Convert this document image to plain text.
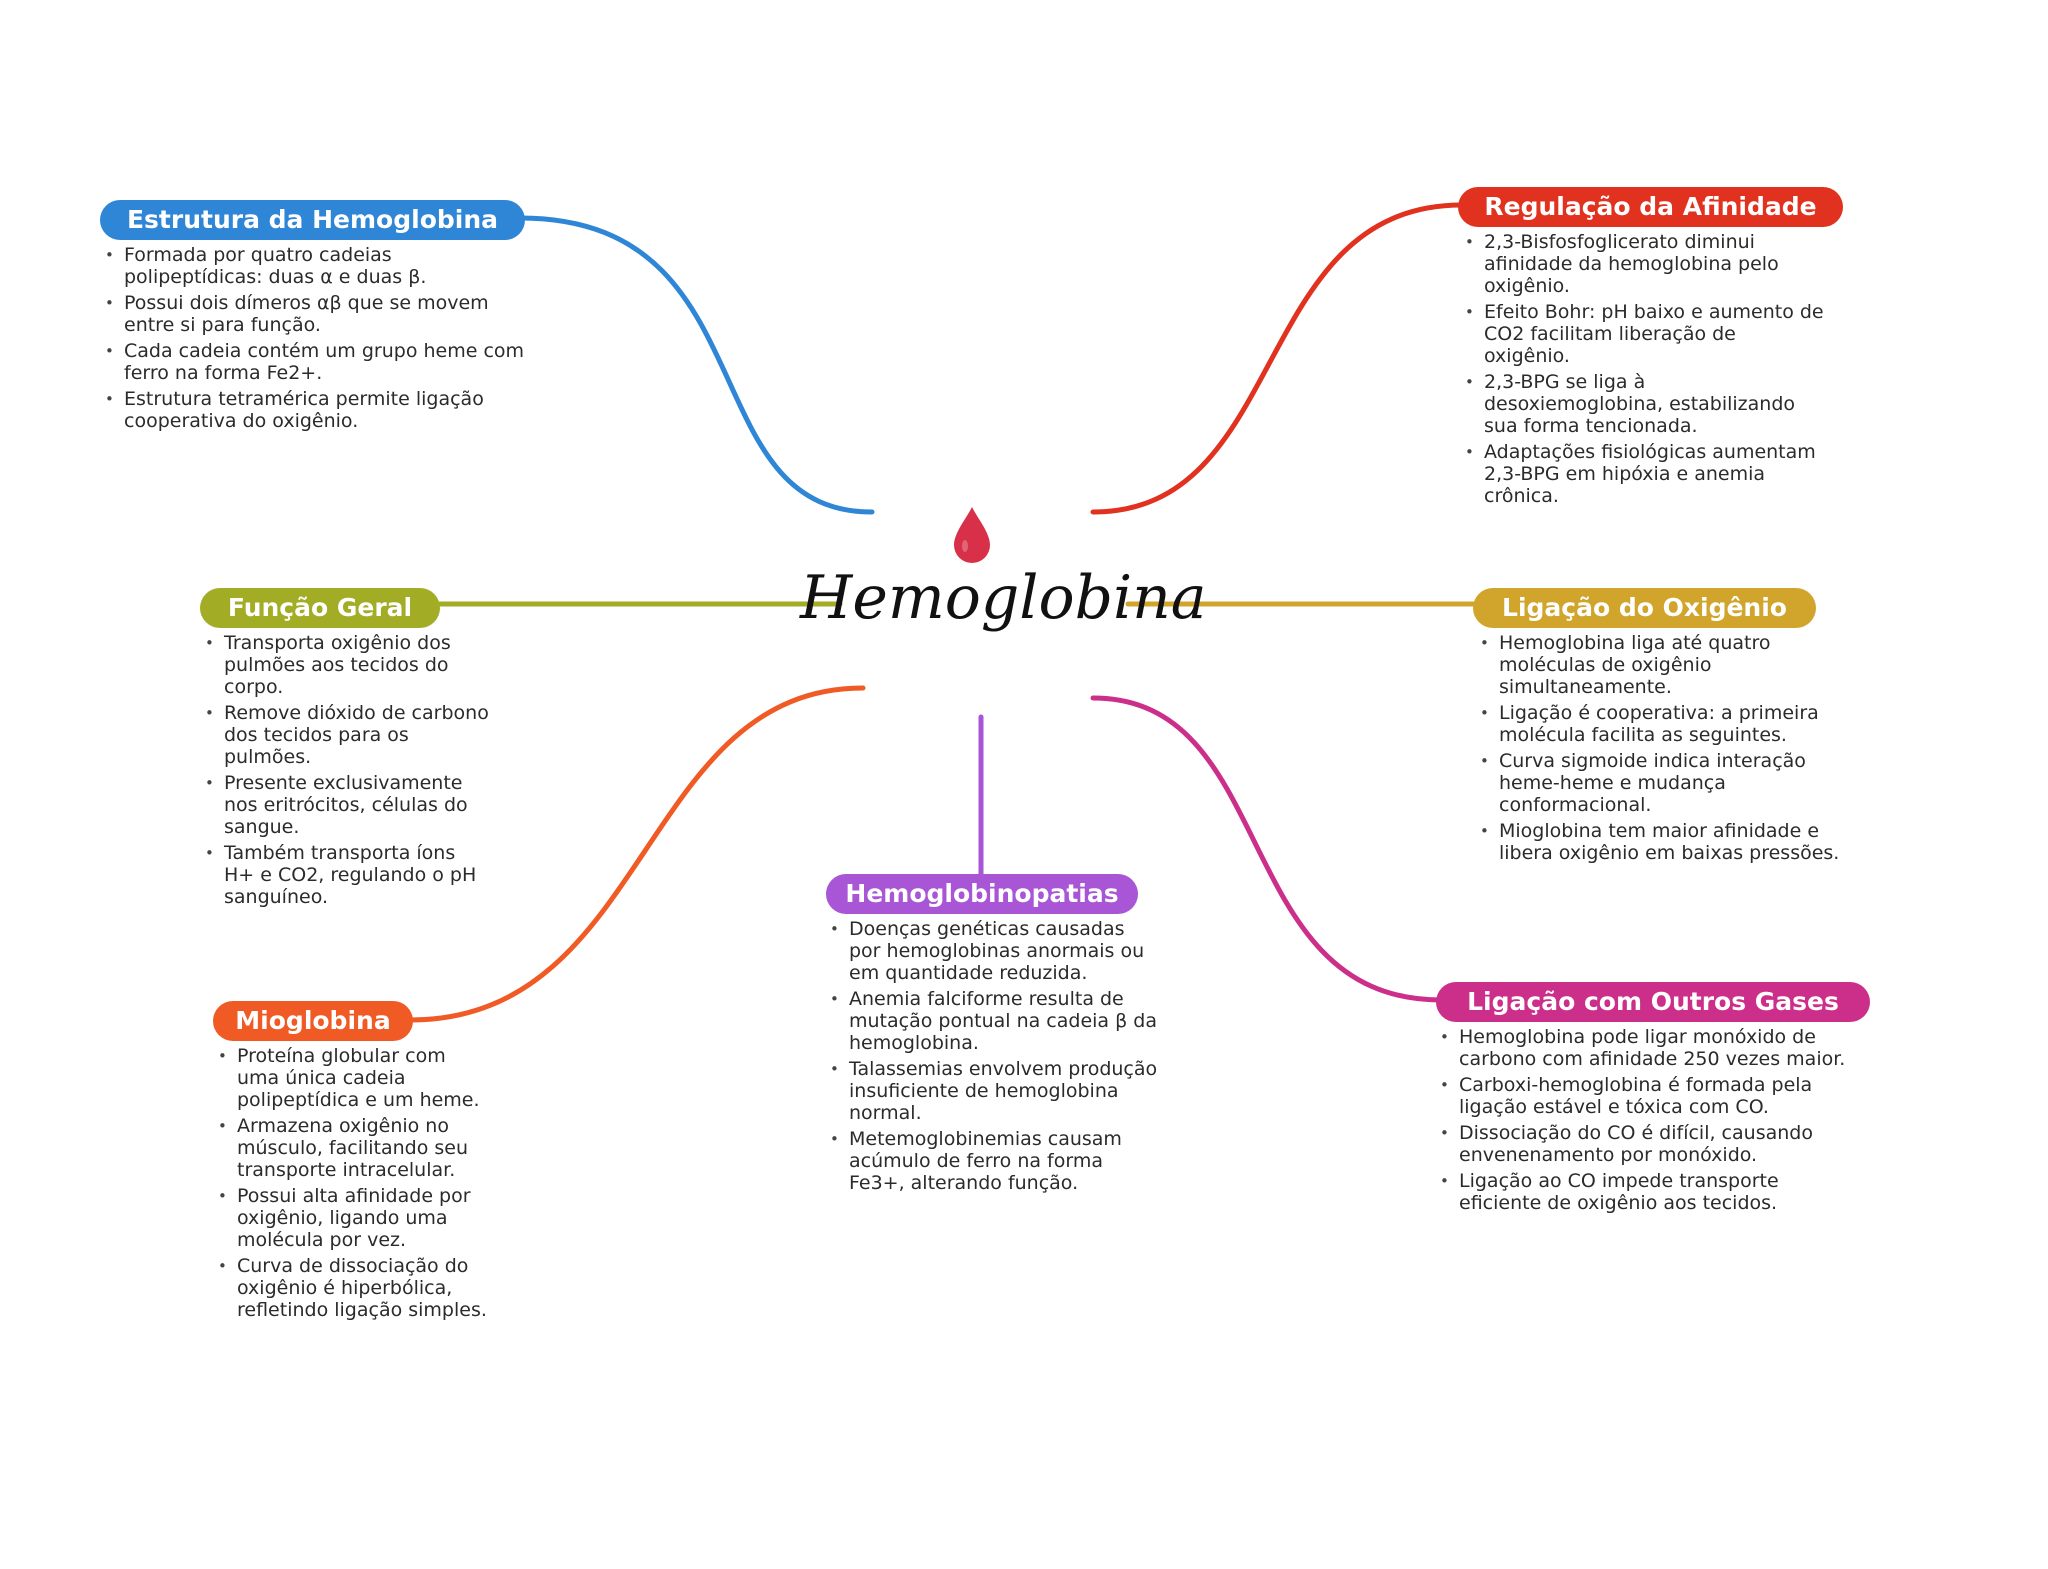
Hemoglobina
Estrutura da Hemoglobina
• Formada por quatro cadeias polipeptídicas: duas α e duas β.
• Possui dois dímeros αβ que se movem entre si para função.
• Cada cadeia contém um grupo heme com ferro na forma Fe2+.
• Estrutura tetramérica permite ligação cooperativa do oxigênio.
Regulação da Afinidade
• 2,3-Bisfosfoglicerato diminui afinidade da hemoglobina pelo oxigênio.
• Efeito Bohr: pH baixo e aumento de CO2 facilitam liberação de oxigênio.
• 2,3-BPG se liga à desoxiemoglobina, estabilizando sua forma tencionada.
• Adaptações fisiológicas aumentam 2,3-BPG em hipóxia e anemia crônica.
Função Geral
• Transporta oxigênio dos pulmões aos tecidos do corpo.
• Remove dióxido de carbono dos tecidos para os pulmões.
• Presente exclusivamente nos eritrócitos, células do sangue.
• Também transporta íons H+ e CO2, regulando o pH sanguíneo.
Ligação do Oxigênio
• Hemoglobina liga até quatro moléculas de oxigênio simultaneamente.
• Ligação é cooperativa: a primeira molécula facilita as seguintes.
• Curva sigmoide indica interação heme-heme e mudança conformacional.
• Mioglobina tem maior afinidade e libera oxigênio em baixas pressões.
Hemoglobinopatias
• Doenças genéticas causadas por hemoglobinas anormais ou em quantidade reduzida.
• Anemia falciforme resulta de mutação pontual na cadeia β da hemoglobina.
• Talassemias envolvem produção insuficiente de hemoglobina normal.
• Metemoglobinemias causam acúmulo de ferro na forma Fe3+, alterando função.
Mioglobina
• Proteína globular com uma única cadeia polipeptídica e um heme.
• Armazena oxigênio no músculo, facilitando seu transporte intracelular.
• Possui alta afinidade por oxigênio, ligando uma molécula por vez.
• Curva de dissociação do oxigênio é hiperbólica, refletindo ligação simples.
Ligação com Outros Gases
• Hemoglobina pode ligar monóxido de carbono com afinidade 250 vezes maior.
• Carboxi-hemoglobina é formada pela ligação estável e tóxica com CO.
• Dissociação do CO é difícil, causando envenenamento por monóxido.
• Ligação ao CO impede transporte eficiente de oxigênio aos tecidos.
